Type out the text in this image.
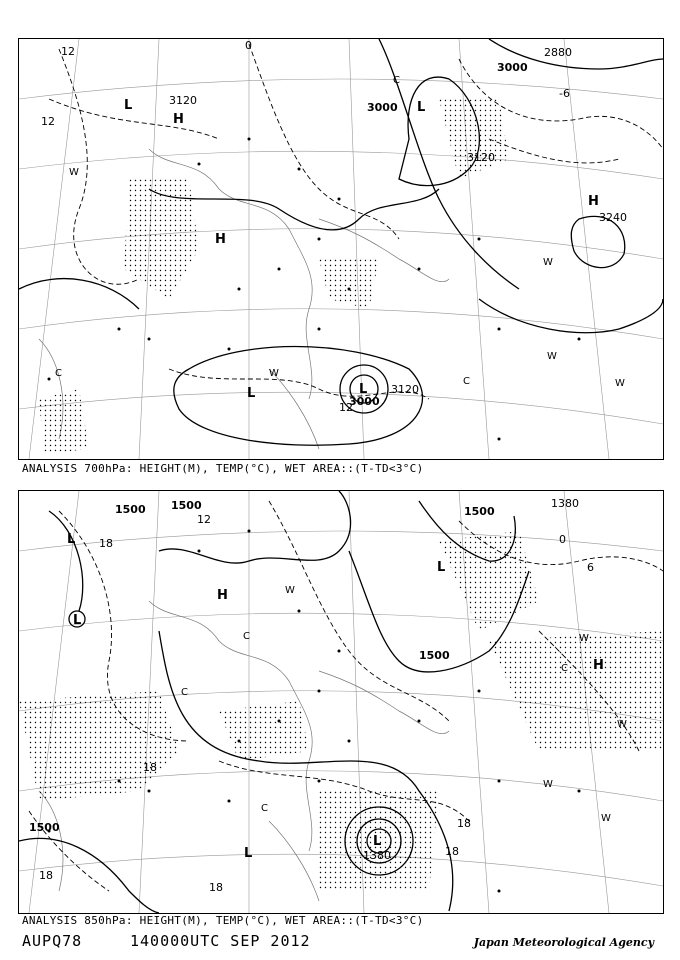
3120
3000
3120
3000
3120
3240
2880
3000
12
12
0
-6
12
L
H
L
H
H
L	L
W
W
W
W
C
C
C	W
ANALYSIS 700hPa: HEIGHT(M), TEMP(°C), WET AREA::(T-TD<3°C)
1500 1500	1500
1500
1500
1380
1380
12
18
18
18
18
0
6
18
18
L
L
H
L
H
L
L
W
C
C
C
W
W
C
W
W
ANALYSIS 850hPa: HEIGHT(M), TEMP(°C), WET AREA::(T-TD<3°C)
AUPQ78	140000UTC SEP 2012	Japan Meteorological Agency
